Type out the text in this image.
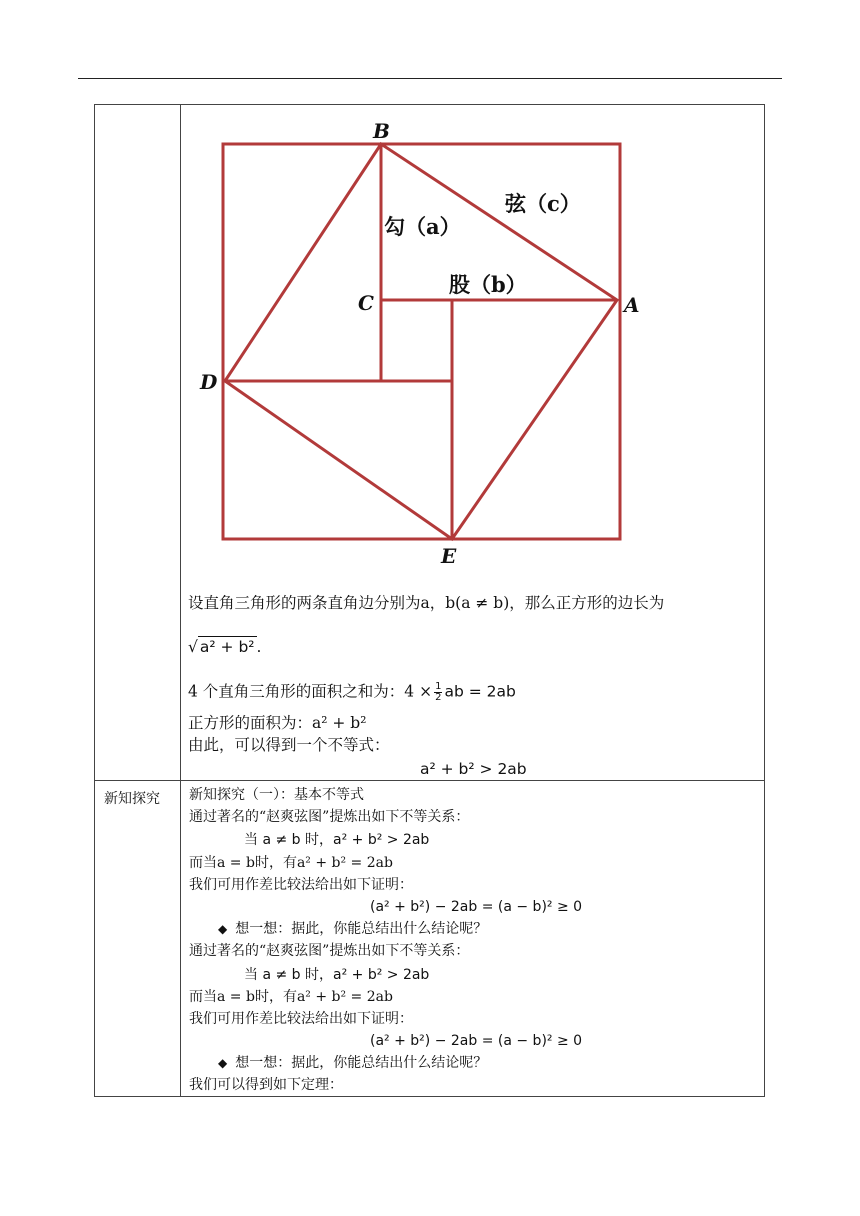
B
C	A
D
E
勾（a）
股（b）
弦（c）
设直角三角形的两条直角边分别为a，b(a ≠ b)，那么正方形的边长为
√ a² + b² .
4 个直角三角形的面积之和为：$4 \times \frac{1}{2}$ ab = 2ab
正方形的面积为：a² + b²
由此，可以得到一个不等式：
a² + b² > 2ab
新知探究 新知探究（一）：基本不等式
通过著名的“赵爽弦图”提炼出如下不等关系：
当 a ≠ b 时，a² + b² > 2ab
而当a = b时，有a² + b² = 2ab
我们可用作差比较法给出如下证明：
(a² + b²) − 2ab = (a − b)² ≥ 0
◆ 想一想：据此，你能总结出什么结论呢？
通过著名的“赵爽弦图”提炼出如下不等关系：
当 a ≠ b 时，a² + b² > 2ab
而当a = b时，有a² + b² = 2ab
我们可用作差比较法给出如下证明：
(a² + b²) − 2ab = (a − b)² ≥ 0
◆ 想一想：据此，你能总结出什么结论呢？
我们可以得到如下定理：
